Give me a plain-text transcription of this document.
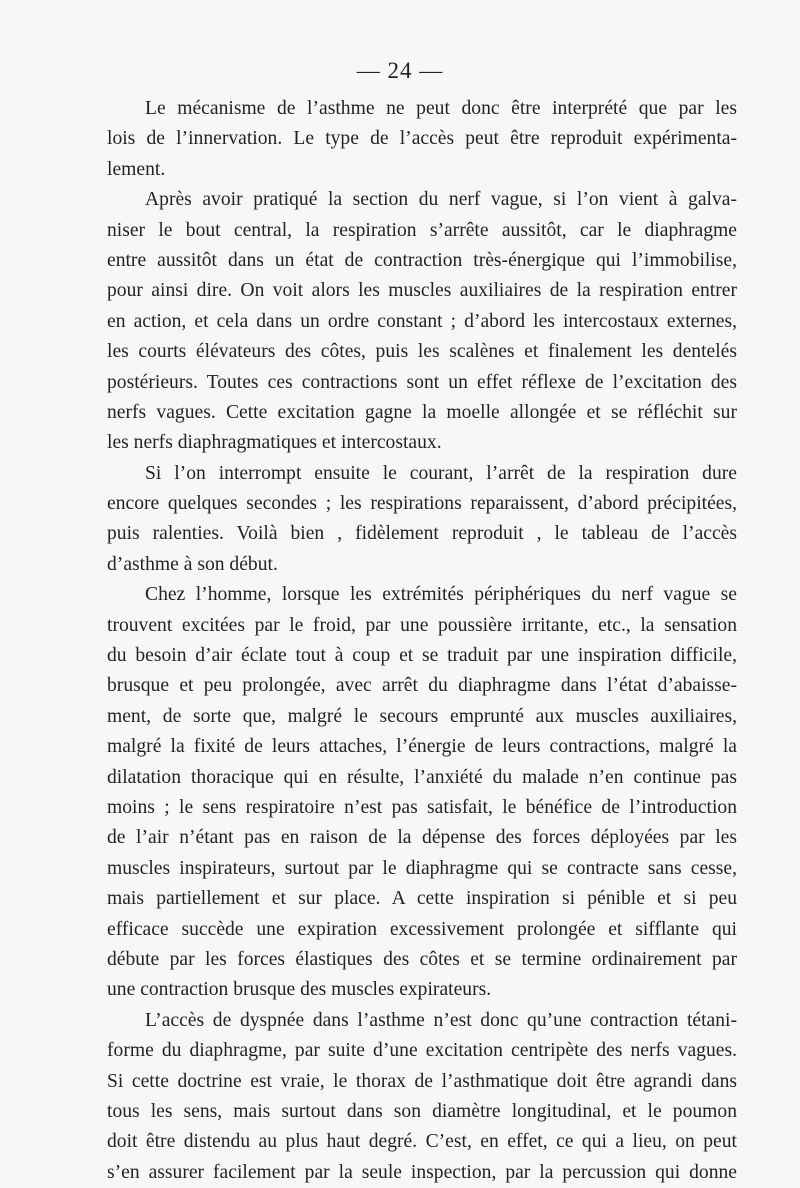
— 24 —
Le mécanisme de l’asthme ne peut donc être interprété que par les
lois de l’innervation. Le type de l’accès peut être reproduit expérimenta-
lement.
Après avoir pratiqué la section du nerf vague, si l’on vient à galva-
niser le bout central, la respiration s’arrête aussitôt, car le diaphragme
entre aussitôt dans un état de contraction très-énergique qui l’immobilise,
pour ainsi dire. On voit alors les muscles auxiliaires de la respiration entrer
en action, et cela dans un ordre constant ; d’abord les intercostaux externes,
les courts élévateurs des côtes, puis les scalènes et finalement les dentelés
postérieurs. Toutes ces contractions sont un effet réflexe de l’excitation des
nerfs vagues. Cette excitation gagne la moelle allongée et se réfléchit sur
les nerfs diaphragmatiques et intercostaux.
Si l’on interrompt ensuite le courant, l’arrêt de la respiration dure
encore quelques secondes ; les respirations reparaissent, d’abord précipitées,
puis ralenties. Voilà bien , fidèlement reproduit , le tableau de l’accès
d’asthme à son début.
Chez l’homme, lorsque les extrémités périphériques du nerf vague se
trouvent excitées par le froid, par une poussière irritante, etc., la sensation
du besoin d’air éclate tout à coup et se traduit par une inspiration difficile,
brusque et peu prolongée, avec arrêt du diaphragme dans l’état d’abaisse-
ment, de sorte que, malgré le secours emprunté aux muscles auxiliaires,
malgré la fixité de leurs attaches, l’énergie de leurs contractions, malgré la
dilatation thoracique qui en résulte, l’anxiété du malade n’en continue pas
moins ; le sens respiratoire n’est pas satisfait, le bénéfice de l’introduction
de l’air n’étant pas en raison de la dépense des forces déployées par les
muscles inspirateurs, surtout par le diaphragme qui se contracte sans cesse,
mais partiellement et sur place. A cette inspiration si pénible et si peu
efficace succède une expiration excessivement prolongée et sifflante qui
débute par les forces élastiques des côtes et se termine ordinairement par
une contraction brusque des muscles expirateurs.
L’accès de dyspnée dans l’asthme n’est donc qu’une contraction tétani-
forme du diaphragme, par suite d’une excitation centripète des nerfs vagues.
Si cette doctrine est vraie, le thorax de l’asthmatique doit être agrandi dans
tous les sens, mais surtout dans son diamètre longitudinal, et le poumon
doit être distendu au plus haut degré. C’est, en effet, ce qui a lieu, on peut
s’en assurer facilement par la seule inspection, par la percussion qui donne
